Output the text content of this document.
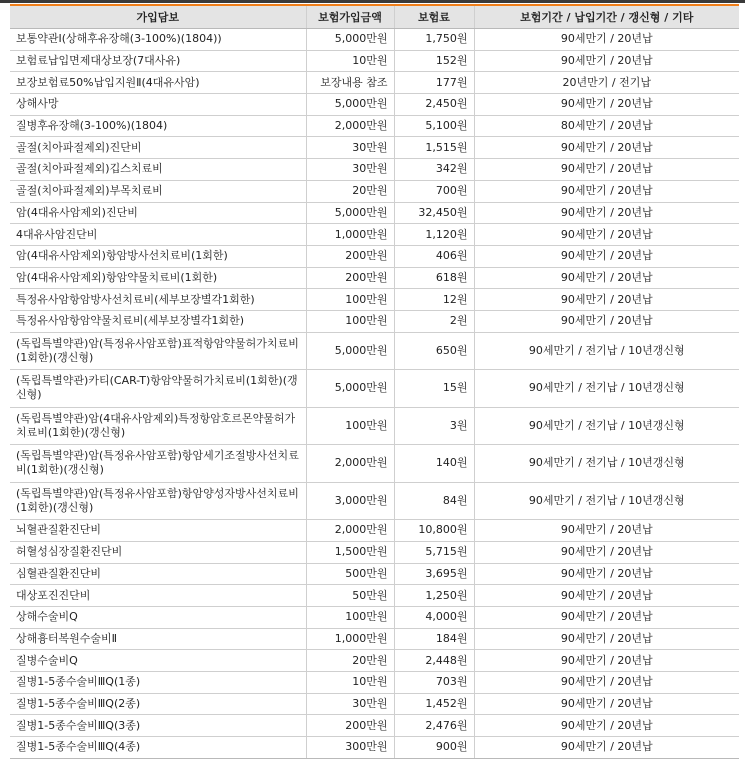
가입담보	보험가입금액	보험료	보험기간 / 납입기간 / 갱신형 / 기타
보통약관Ⅰ(상해후유장해(3-100%)(1804))	5,000만원	1,750원	90세만기 / 20년납
보험료납입면제대상보장(7대사유)	10만원	152원	90세만기 / 20년납
보장보험료50%납입지원Ⅱ(4대유사암)	보장내용 참조	177원	20년만기 / 전기납
상해사망	5,000만원	2,450원	90세만기 / 20년납
질병후유장해(3-100%)(1804)	2,000만원	5,100원	80세만기 / 20년납
골절(치아파절제외)진단비	30만원	1,515원	90세만기 / 20년납
골절(치아파절제외)깁스치료비	30만원	342원	90세만기 / 20년납
골절(치아파절제외)부목치료비	20만원	700원	90세만기 / 20년납
암(4대유사암제외)진단비	5,000만원	32,450원	90세만기 / 20년납
4대유사암진단비	1,000만원	1,120원	90세만기 / 20년납
암(4대유사암제외)항암방사선치료비(1회한)	200만원	406원	90세만기 / 20년납
암(4대유사암제외)항암약물치료비(1회한)	200만원	618원	90세만기 / 20년납
특정유사암항암방사선치료비(세부보장별각1회한)	100만원	12원	90세만기 / 20년납
특정유사암항암약물치료비(세부보장별각1회한)	100만원	2원	90세만기 / 20년납
(독립특별약관)암(특정유사암포함)표적항암약물허가치료비(1회한)(갱신형)	5,000만원	650원	90세만기 / 전기납 / 10년갱신형
(독립특별약관)카티(CAR-T)항암약물허가치료비(1회한)(갱신형)	5,000만원	15원	90세만기 / 전기납 / 10년갱신형
(독립특별약관)암(4대유사암제외)특정항암호르몬약물허가치료비(1회한)(갱신형)	100만원	3원	90세만기 / 전기납 / 10년갱신형
(독립특별약관)암(특정유사암포함)항암세기조절방사선치료비(1회한)(갱신형)	2,000만원	140원	90세만기 / 전기납 / 10년갱신형
(독립특별약관)암(특정유사암포함)항암양성자방사선치료비(1회한)(갱신형)	3,000만원	84원	90세만기 / 전기납 / 10년갱신형
뇌혈관질환진단비	2,000만원	10,800원	90세만기 / 20년납
허혈성심장질환진단비	1,500만원	5,715원	90세만기 / 20년납
심혈관질환진단비	500만원	3,695원	90세만기 / 20년납
대상포진진단비	50만원	1,250원	90세만기 / 20년납
상해수술비Q	100만원	4,000원	90세만기 / 20년납
상해흉터복원수술비Ⅱ	1,000만원	184원	90세만기 / 20년납
질병수술비Q	20만원	2,448원	90세만기 / 20년납
질병1-5종수술비ⅢQ(1종)	10만원	703원	90세만기 / 20년납
질병1-5종수술비ⅢQ(2종)	30만원	1,452원	90세만기 / 20년납
질병1-5종수술비ⅢQ(3종)	200만원	2,476원	90세만기 / 20년납
질병1-5종수술비ⅢQ(4종)	300만원	900원	90세만기 / 20년납
